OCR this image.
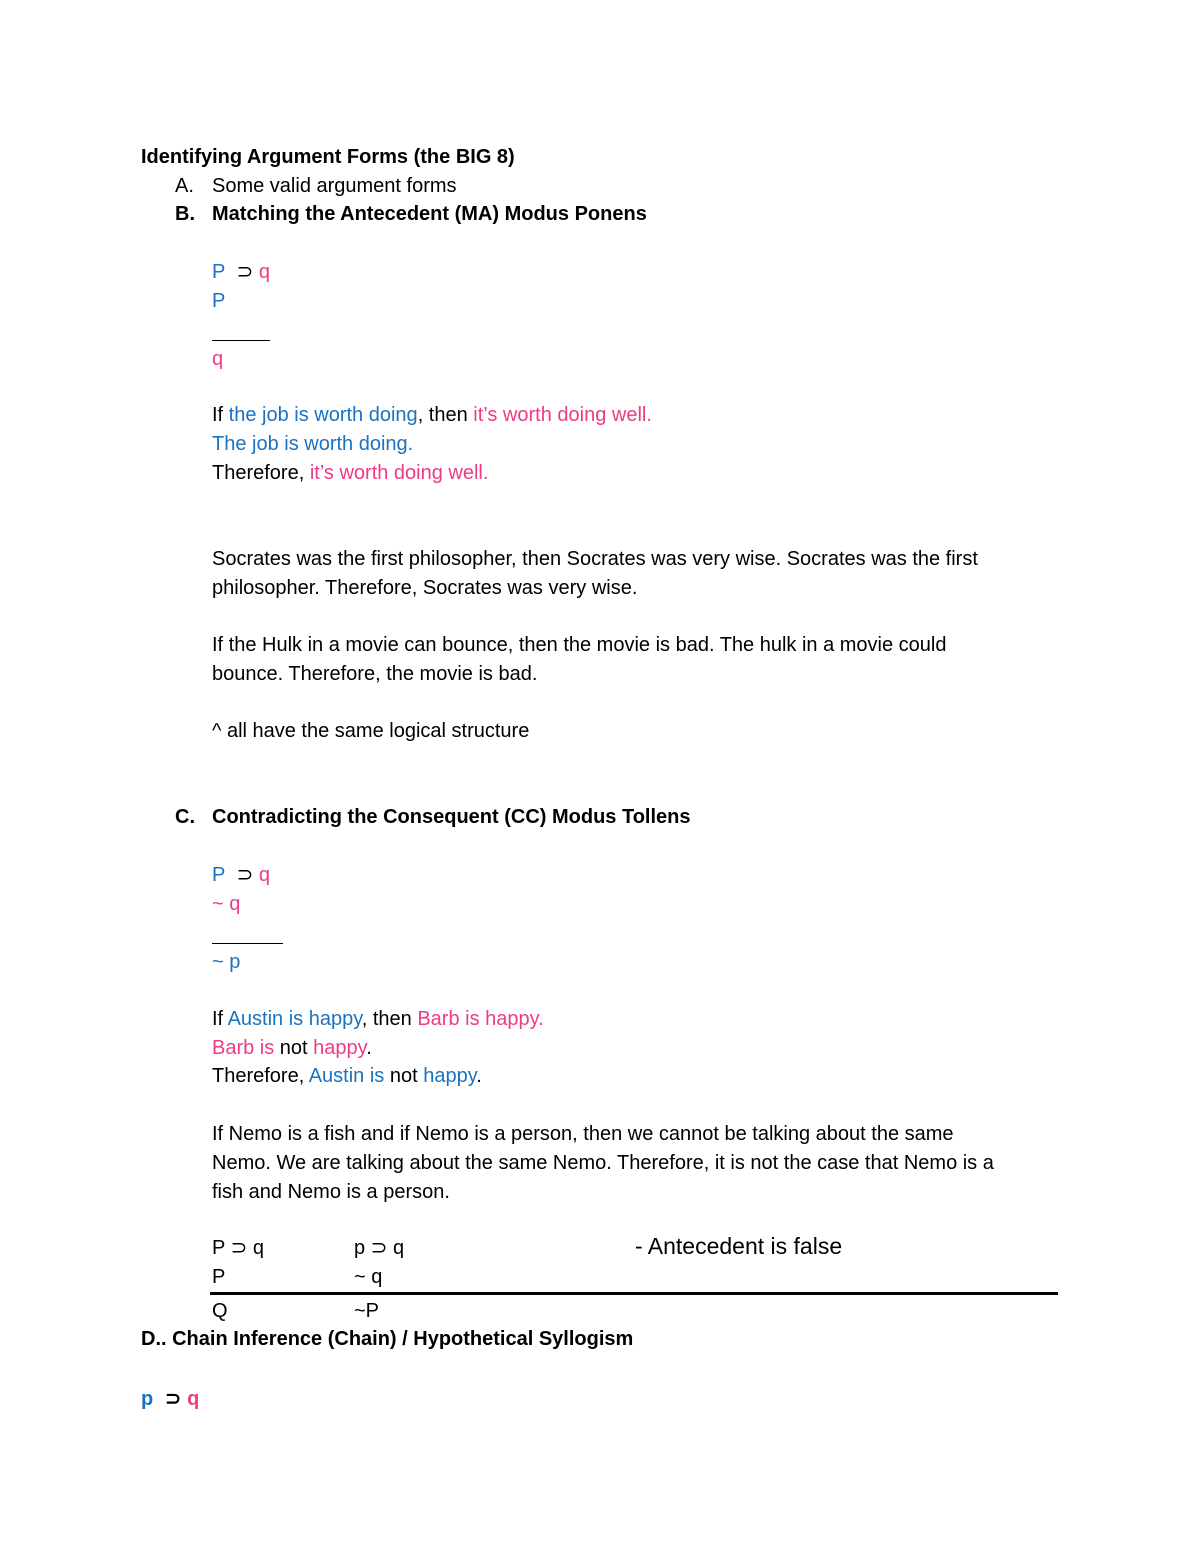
Identifying Argument Forms (the BIG 8)
A. Some valid argument forms
B. Matching the Antecedent (MA) Modus Ponens
P ⊃ q
P
q
If the job is worth doing, then it’s worth doing well.
The job is worth doing.
Therefore, it’s worth doing well.
Socrates was the first philosopher, then Socrates was very wise. Socrates was the first
philosopher. Therefore, Socrates was very wise.
If the Hulk in a movie can bounce, then the movie is bad. The hulk in a movie could
bounce. Therefore, the movie is bad.
^ all have the same logical structure
C. Contradicting the Consequent (CC) Modus Tollens
P ⊃ q
~ q
~ p
If Austin is happy, then Barb is happy.
Barb is not happy.
Therefore, Austin is not happy.
If Nemo is a fish and if Nemo is a person, then we cannot be talking about the same
Nemo. We are talking about the same Nemo. Therefore, it is not the case that Nemo is a
fish and Nemo is a person.
P ⊃ q	p ⊃ q	- Antecedent is false
P	~ q
Q	~P
D.. Chain Inference (Chain) / Hypothetical Syllogism
p ⊃ q
